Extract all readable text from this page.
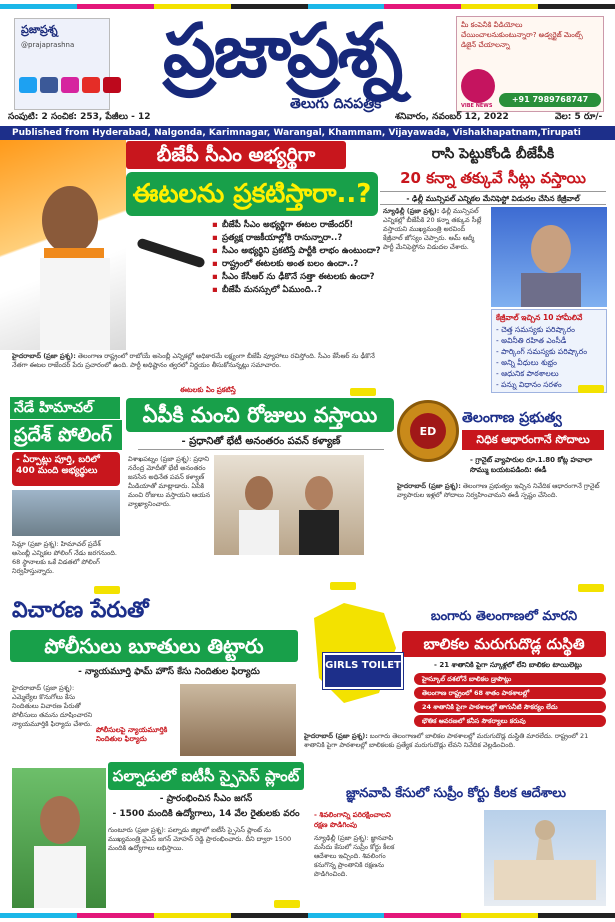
ప్రజాప్రశ్న
@prajaprashna	ప్రజాప్రశ్న
తెలుగు దినపత్రిక
మీ కంపెనీకి వీడియోలు చేయించాలనుకుంటున్నారా? అడ్వర్టైజ్ మెంట్స్ డిజైన్ చేయాలన్నా
VIBE NEWS
+91 7989768747
సంపుటి: 2 సంచిక: 253, పేజీలు - 12	శనివారం, నవంబర్ 12, 2022	వెల: 5 రూ/-
Published from Hyderabad, Nalgonda, Karimnagar, Warangal, Khammam, Vijayawada, Vishakhapatnam,Tirupati
బీజేపీ సీఎం అభ్యర్థిగా
ఈటలను ప్రకటిస్తారా..?
▪ బీజేపీ సీఎం అభ్యర్థిగా ఈటల రాజేందర్!
▪ ప్రత్యక్ష రాజకీయాల్లోకి రానున్నారా..?
▪ సీఎం అభ్యర్థిని ప్రకటిస్తే పార్టీకి లాభం ఉంటుందా?
▪ రాష్ట్రంలో ఈటలకు అంత బలం ఉందా..?
▪ సీఎం కేసీఆర్ ను ఢీకొనే సత్తా ఈటలకు ఉందా?
▪ బీజేపీ మనస్సులో ఏముంది..?
హైదరాబాద్ (ప్రజా ప్రశ్న): తెలంగాణ రాష్ట్రంలో రాబోయే అసెంబ్లీ ఎన్నికల్లో అధికారమే లక్ష్యంగా బీజేపీ వ్యూహాలు రచిస్తోంది. సీఎం కేసీఆర్ ను ఢీకొనే నేతగా ఈటల రాజేందర్ పేరు ప్రచారంలో ఉంది. పార్టీ అధిష్టానం త్వరలో నిర్ణయం తీసుకోనున్నట్లు సమాచారం.
ఈటలకు ఏం ప్రకటిస్తే
రాసి పెట్టుకోండి బీజేపీకి
20 కన్నా తక్కువే సీట్లు వస్తాయి
- ఢిల్లీ మున్సిపల్ ఎన్నికల మేనిఫెస్టో విడుదల చేసిన కేజ్రీవాల్
న్యూఢిల్లీ (ప్రజా ప్రశ్న): ఢిల్లీ మున్సిపల్ ఎన్నికల్లో బీజేపీకి 20 కన్నా తక్కువ సీట్లే వస్తాయని ముఖ్యమంత్రి అరవింద్ కేజ్రీవాల్ జోస్యం చెప్పారు. ఆమ్ ఆద్మీ పార్టీ మేనిఫెస్టోను విడుదల చేశారు.
కేజ్రీవాల్ ఇచ్చిన 10 హామీలివే
- చెత్త సమస్యకు పరిష్కారం
- అవినీతి రహిత ఎంసీడీ
- పార్కింగ్ సమస్యకు పరిష్కారం
- అన్ని వీధులు శుభ్రం
- ఆధునిక పాఠశాలలు
- పన్ను విధానం సరళం
నేడే హిమాచల్
ప్రదేశ్ పోలింగ్
- ఏర్పాట్లు పూర్తి, బరిలో 400 మంది అభ్యర్థులు
సిమ్లా (ప్రజా ప్రశ్న): హిమాచల్ ప్రదేశ్ అసెంబ్లీ ఎన్నికల పోలింగ్ నేడు జరగనుంది. 68 స్థానాలకు ఒకే విడతలో పోలింగ్ నిర్వహిస్తున్నారు.
ఏపీకి మంచి రోజులు వస్తాయి
- ప్రధానితో భేటీ అనంతరం పవన్ కళ్యాణ్
విశాఖపట్నం (ప్రజా ప్రశ్న): ప్రధాని నరేంద్ర మోదీతో భేటీ అనంతరం జనసేన అధినేత పవన్ కళ్యాణ్ మీడియాతో మాట్లాడారు. ఏపీకి మంచి రోజులు వస్తాయని ఆయన వ్యాఖ్యానించారు.
ED
తెలంగాణ ప్రభుత్వ
నిధిక ఆధారంగానే సోదాలు
- గ్రానైట్ వ్యాపారుల రూ.1.80 కోట్ల హవాలా సొమ్ము బయటపడింది: ఈడీ
హైదరాబాద్ (ప్రజా ప్రశ్న): తెలంగాణ ప్రభుత్వం ఇచ్చిన నివేదిక ఆధారంగానే గ్రానైట్ వ్యాపారుల ఇళ్లలో సోదాలు నిర్వహించామని ఈడీ స్పష్టం చేసింది.
విచారణ పేరుతో
పోలీసులు బూతులు తిట్టారు
- న్యాయమూర్తి ఫామ్ హౌస్ కేసు నిందితుల ఫిర్యాదు
హైదరాబాద్ (ప్రజా ప్రశ్న): ఎమ్మెల్యేల కొనుగోలు కేసు నిందితులు విచారణ పేరుతో పోలీసులు తమను దూషించారని న్యాయమూర్తికి ఫిర్యాదు చేశారు.
పోలీసులపై న్యాయమూర్తికి నిందితుల ఫిర్యాదు
బంగారు తెలంగాణలో మారని
బాలికల మరుగుదొడ్ల దుస్థితి
- 21 శాతానికి పైగా స్కూళ్లలో లేని బాలికల టాయిలెట్లు
GIRLS TOILET
హైస్కూల్ దశలోనే బాలికల డ్రాపౌట్లు
తెలంగాణ రాష్ట్రంలో 68 శాతం పాఠశాలల్లో
24 శాతానికి పైగా పాఠశాలల్లో తాగునీటి సౌకర్యం లేదు
భౌతిక ఆవరణలో కనీస సౌకర్యాలు కరువు
హైదరాబాద్ (ప్రజా ప్రశ్న): బంగారు తెలంగాణలో బాలికల పాఠశాలల్లో మరుగుదొడ్ల దుస్థితి మారలేదు. రాష్ట్రంలో 21 శాతానికి పైగా పాఠశాలల్లో బాలికలకు ప్రత్యేక మరుగుదొడ్లు లేవని నివేదిక వెల్లడించింది.
పల్నాడులో ఐటీసీ స్పైసెస్ ప్లాంట్
- ప్రారంభించిన సీఎం జగన్
- 1500 మందికి ఉద్యోగాలు, 14 వేల రైతులకు వరం
గుంటూరు (ప్రజా ప్రశ్న): పల్నాడు జిల్లాలో ఐటీసీ స్పైసెస్ ప్లాంట్ ను ముఖ్యమంత్రి వైఎస్ జగన్ మోహన్ రెడ్డి ప్రారంభించారు. దీని ద్వారా 1500 మందికి ఉద్యోగాలు లభిస్తాయి.
జ్ఞానవాపి కేసులో సుప్రీం కోర్టు కీలక ఆదేశాలు
- శివలింగాన్ని పరిరక్షించాలని రక్షణ పొడిగింపు
న్యూఢిల్లీ (ప్రజా ప్రశ్న): జ్ఞానవాపి మసీదు కేసులో సుప్రీం కోర్టు కీలక ఆదేశాలు ఇచ్చింది. శివలింగం కనుగొన్న ప్రాంతానికి రక్షణను పొడిగించింది.
